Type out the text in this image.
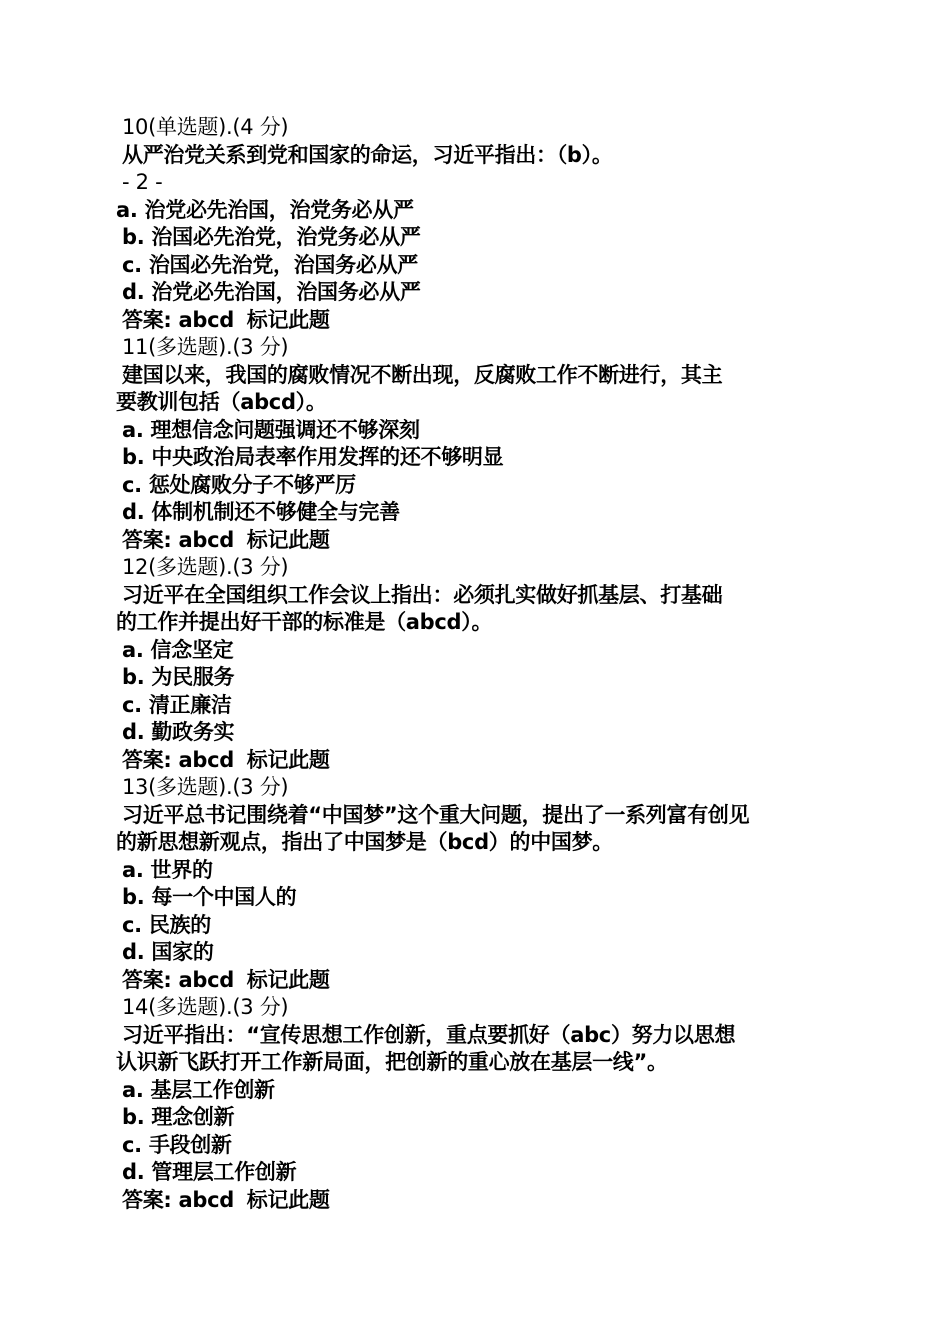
10(单选题).(4 分)
从严治党关系到党和国家的命运，习近平指出：（b）。
- 2 -
a. 治党必先治国，治党务必从严
b. 治国必先治党，治党务必从严
c. 治国必先治党，治国务必从严
d. 治党必先治国，治国务必从严
答案: abcd 标记此题
11(多选题).(3 分)
建国以来，我国的腐败情况不断出现，反腐败工作不断进行，其主
要教训包括（abcd）。
a. 理想信念问题强调还不够深刻
b. 中央政治局表率作用发挥的还不够明显
c. 惩处腐败分子不够严厉
d. 体制机制还不够健全与完善
答案: abcd 标记此题
12(多选题).(3 分)
习近平在全国组织工作会议上指出：必须扎实做好抓基层、打基础
的工作并提出好干部的标准是（abcd）。
a. 信念坚定
b. 为民服务
c. 清正廉洁
d. 勤政务实
答案: abcd 标记此题
13(多选题).(3 分)
习近平总书记围绕着“中国梦”这个重大问题，提出了一系列富有创见
的新思想新观点，指出了中国梦是（bcd）的中国梦。
a. 世界的
b. 每一个中国人的
c. 民族的
d. 国家的
答案: abcd 标记此题
14(多选题).(3 分)
习近平指出：“宣传思想工作创新，重点要抓好（abc）努力以思想
认识新飞跃打开工作新局面，把创新的重心放在基层一线”。
a. 基层工作创新
b. 理念创新
c. 手段创新
d. 管理层工作创新
答案: abcd 标记此题
